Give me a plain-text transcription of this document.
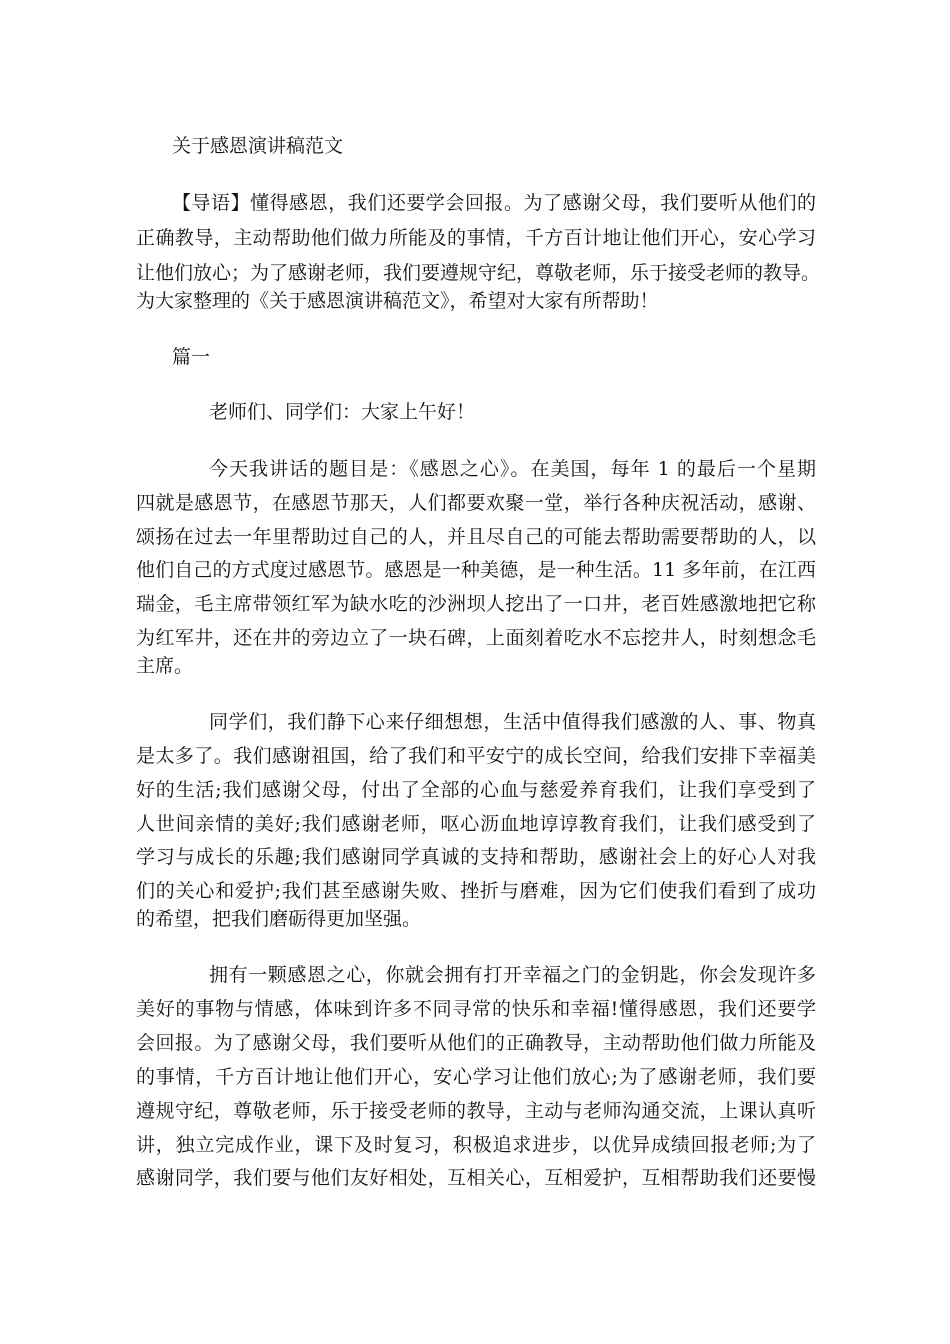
关于感恩演讲稿范文
【导语】懂得感恩，我们还要学会回报。为了感谢父母，我们要听从他们的
正确教导，主动帮助他们做力所能及的事情，千方百计地让他们开心，安心学习
让他们放心；为了感谢老师，我们要遵规守纪，尊敬老师，乐于接受老师的教导。
为大家整理的《关于感恩演讲稿范文》，希望对大家有所帮助！
篇一
老师们、同学们：大家上午好！
今天我讲话的题目是：《感恩之心》。在美国，每年 1 的最后一个星期
四就是感恩节，在感恩节那天，人们都要欢聚一堂，举行各种庆祝活动，感谢、
颂扬在过去一年里帮助过自己的人，并且尽自己的可能去帮助需要帮助的人，以
他们自己的方式度过感恩节。感恩是一种美德，是一种生活。11 多年前，在江西
瑞金，毛主席带领红军为缺水吃的沙洲坝人挖出了一口井，老百姓感激地把它称
为红军井，还在井的旁边立了一块石碑，上面刻着吃水不忘挖井人，时刻想念毛
主席。
同学们，我们静下心来仔细想想，生活中值得我们感激的人、事、物真
是太多了。我们感谢祖国，给了我们和平安宁的成长空间，给我们安排下幸福美
好的生活;我们感谢父母，付出了全部的心血与慈爱养育我们，让我们享受到了
人世间亲情的美好;我们感谢老师，呕心沥血地谆谆教育我们，让我们感受到了
学习与成长的乐趣;我们感谢同学真诚的支持和帮助，感谢社会上的好心人对我
们的关心和爱护;我们甚至感谢失败、挫折与磨难，因为它们使我们看到了成功
的希望，把我们磨砺得更加坚强。
拥有一颗感恩之心，你就会拥有打开幸福之门的金钥匙，你会发现许多
美好的事物与情感，体味到许多不同寻常的快乐和幸福!懂得感恩，我们还要学
会回报。为了感谢父母，我们要听从他们的正确教导，主动帮助他们做力所能及
的事情，千方百计地让他们开心，安心学习让他们放心;为了感谢老师，我们要
遵规守纪，尊敬老师，乐于接受老师的教导，主动与老师沟通交流，上课认真听
讲，独立完成作业，课下及时复习，积极追求进步，以优异成绩回报老师;为了
感谢同学，我们要与他们友好相处，互相关心，互相爱护，互相帮助我们还要慢
